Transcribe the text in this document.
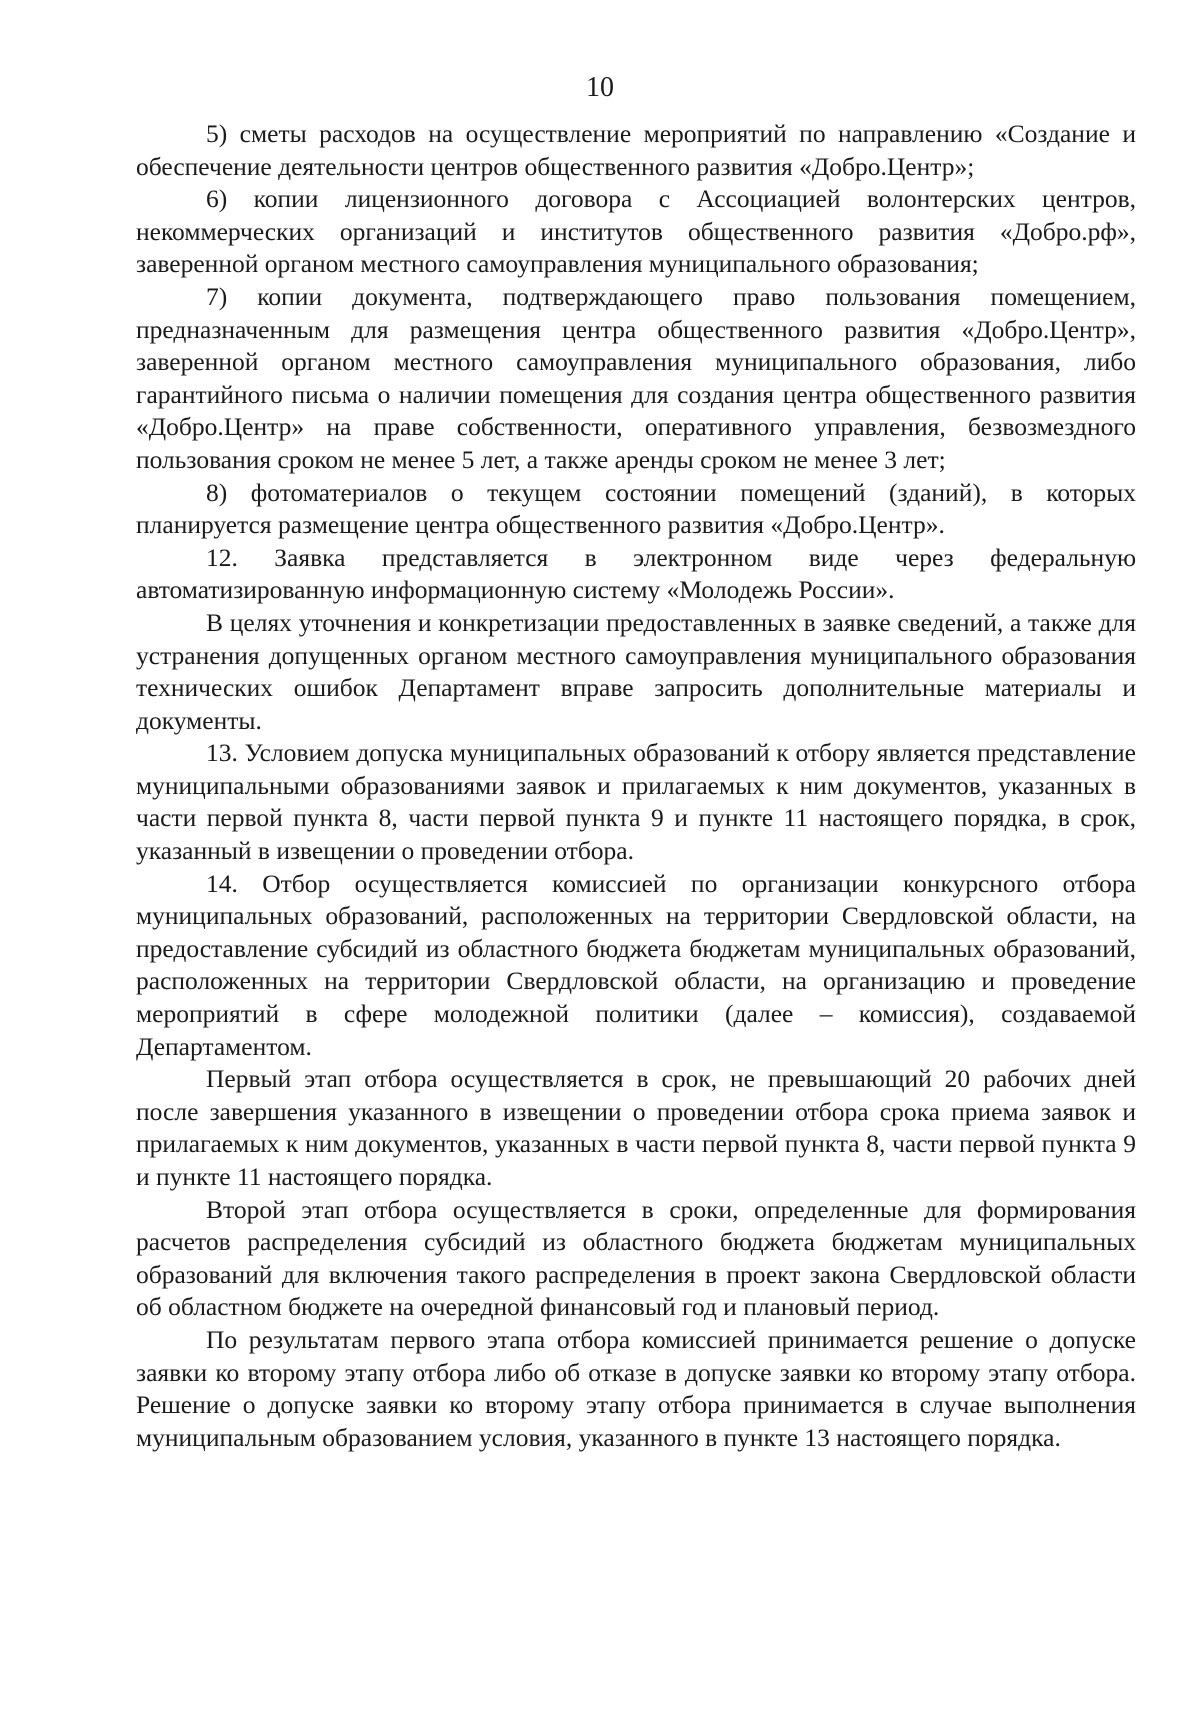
10

5) сметы расходов на осуществление мероприятий по направлению «Создание и обеспечение деятельности центров общественного развития «Добро.Центр»;

6) копии лицензионного договора с Ассоциацией волонтерских центров, некоммерческих организаций и институтов общественного развития «Добро.рф», заверенной органом местного самоуправления муниципального образования;

7) копии документа, подтверждающего право пользования помещением, предназначенным для размещения центра общественного развития «Добро.Центр», заверенной органом местного самоуправления муниципального образования, либо гарантийного письма о наличии помещения для создания центра общественного развития «Добро.Центр» на праве собственности, оперативного управления, безвозмездного пользования сроком не менее 5 лет, а также аренды сроком не менее 3 лет;

8) фотоматериалов о текущем состоянии помещений (зданий), в которых планируется размещение центра общественного развития «Добро.Центр».

12. Заявка представляется в электронном виде через федеральную автоматизированную информационную систему «Молодежь России».

В целях уточнения и конкретизации предоставленных в заявке сведений, а также для устранения допущенных органом местного самоуправления муниципального образования технических ошибок Департамент вправе запросить дополнительные материалы и документы.

13. Условием допуска муниципальных образований к отбору является представление муниципальными образованиями заявок и прилагаемых к ним документов, указанных в части первой пункта 8, части первой пункта 9 и пункте 11 настоящего порядка, в срок, указанный в извещении о проведении отбора.

14. Отбор осуществляется комиссией по организации конкурсного отбора муниципальных образований, расположенных на территории Свердловской области, на предоставление субсидий из областного бюджета бюджетам муниципальных образований, расположенных на территории Свердловской области, на организацию и проведение мероприятий в сфере молодежной политики (далее – комиссия), создаваемой Департаментом.

Первый этап отбора осуществляется в срок, не превышающий 20 рабочих дней после завершения указанного в извещении о проведении отбора срока приема заявок и прилагаемых к ним документов, указанных в части первой пункта 8, части первой пункта 9 и пункте 11 настоящего порядка.

Второй этап отбора осуществляется в сроки, определенные для формирования расчетов распределения субсидий из областного бюджета бюджетам муниципальных образований для включения такого распределения в проект закона Свердловской области об областном бюджете на очередной финансовый год и плановый период.

По результатам первого этапа отбора комиссией принимается решение о допуске заявки ко второму этапу отбора либо об отказе в допуске заявки ко второму этапу отбора. Решение о допуске заявки ко второму этапу отбора принимается в случае выполнения муниципальным образованием условия, указанного в пункте 13 настоящего порядка.
